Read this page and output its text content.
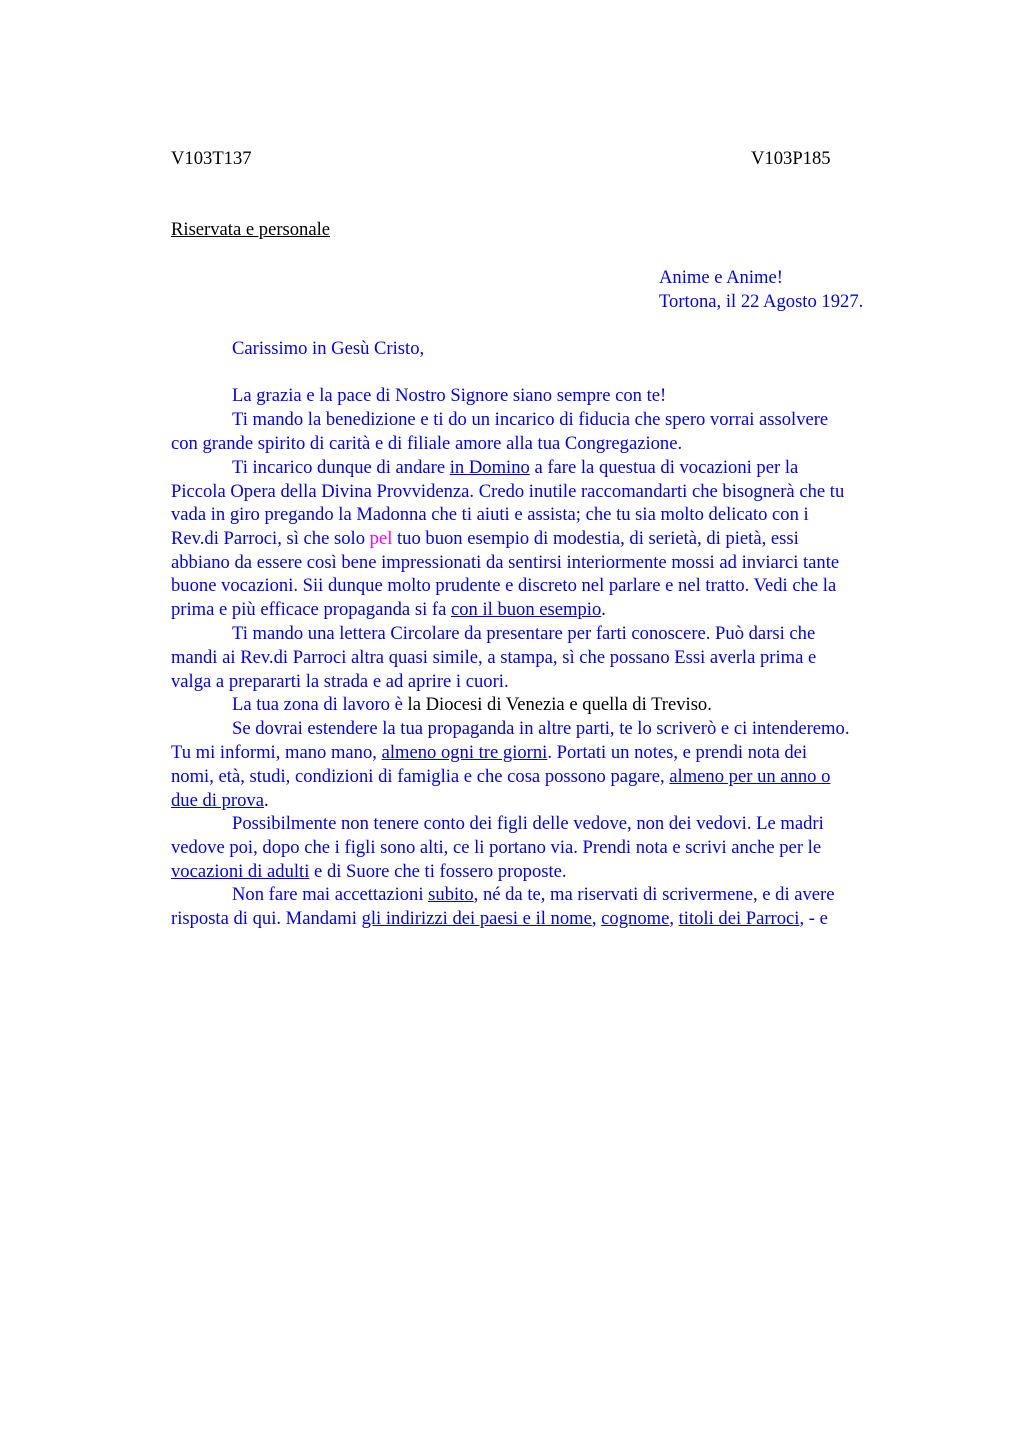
V103T137	V103P185
Riservata e personale
Anime e Anime!
Tortona, il 22 Agosto 1927.

Carissimo in Gesù Cristo,

La grazia e la pace di Nostro Signore siano sempre con te!

Ti mando la benedizione e ti do un incarico di fiducia che spero vorrai assolvere

con grande spirito di carità e di filiale amore alla tua Congregazione.

Ti incarico dunque di andare in Domino a fare la questua di vocazioni per la

Piccola Opera della Divina Provvidenza. Credo inutile raccomandarti che bisognerà che tu

vada in giro pregando la Madonna che ti aiuti e assista; che tu sia molto delicato con i

Rev.di Parroci, sì che solo pel tuo buon esempio di modestia, di serietà, di pietà, essi

abbiano da essere così bene impressionati da sentirsi interiormente mossi ad inviarci tante

buone vocazioni. Sii dunque molto prudente e discreto nel parlare e nel tratto. Vedi che la

prima e più efficace propaganda si fa con il buon esempio.

Ti mando una lettera Circolare da presentare per farti conoscere. Può darsi che

mandi ai Rev.di Parroci altra quasi simile, a stampa, sì che possano Essi averla prima e

valga a prepararti la strada e ad aprire i cuori.

La tua zona di lavoro è la Diocesi di Venezia e quella di Treviso.

Se dovrai estendere la tua propaganda in altre parti, te lo scriverò e ci intenderemo.

Tu mi informi, mano mano, almeno ogni tre giorni. Portati un notes, e prendi nota dei

nomi, età, studi, condizioni di famiglia e che cosa possono pagare, almeno per un anno o

due di prova.

Possibilmente non tenere conto dei figli delle vedove, non dei vedovi. Le madri

vedove poi, dopo che i figli sono alti, ce li portano via. Prendi nota e scrivi anche per le

vocazioni di adulti e di Suore che ti fossero proposte.

Non fare mai accettazioni subito, né da te, ma riservati di scrivermene, e di avere

risposta di qui. Mandami gli indirizzi dei paesi e il nome, cognome, titoli dei Parroci, - e
